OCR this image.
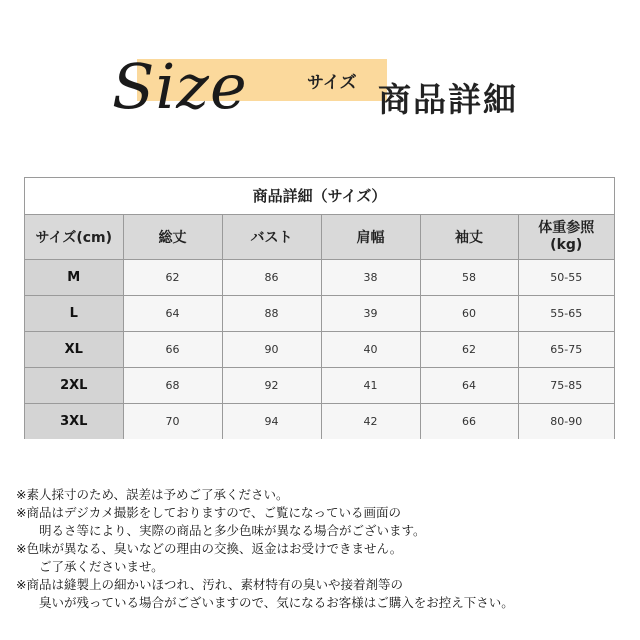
Size	サイズ 商品詳細
商品詳細（サイズ）
サイズ(cm)	総丈	バスト	肩幅	袖丈	体重参照
(kg)

M	62	86	38	58	50-55
L	64	88	39	60	55-65
XL	66	90	40	62	65-75
2XL	68	92	41	64	75-85
3XL	70	94	42	66	80-90
※素人採寸のため、誤差は予めご了承ください。
※商品はデジカメ撮影をしておりますので、ご覧になっている画面の
明るさ等により、実際の商品と多少色味が異なる場合がございます。
※色味が異なる、臭いなどの理由の交換、返金はお受けできません。
ご了承くださいませ。
※商品は縫製上の細かいほつれ、汚れ、素材特有の臭いや接着剤等の
臭いが残っている場合がございますので、気になるお客様はご購入をお控え下さい。
